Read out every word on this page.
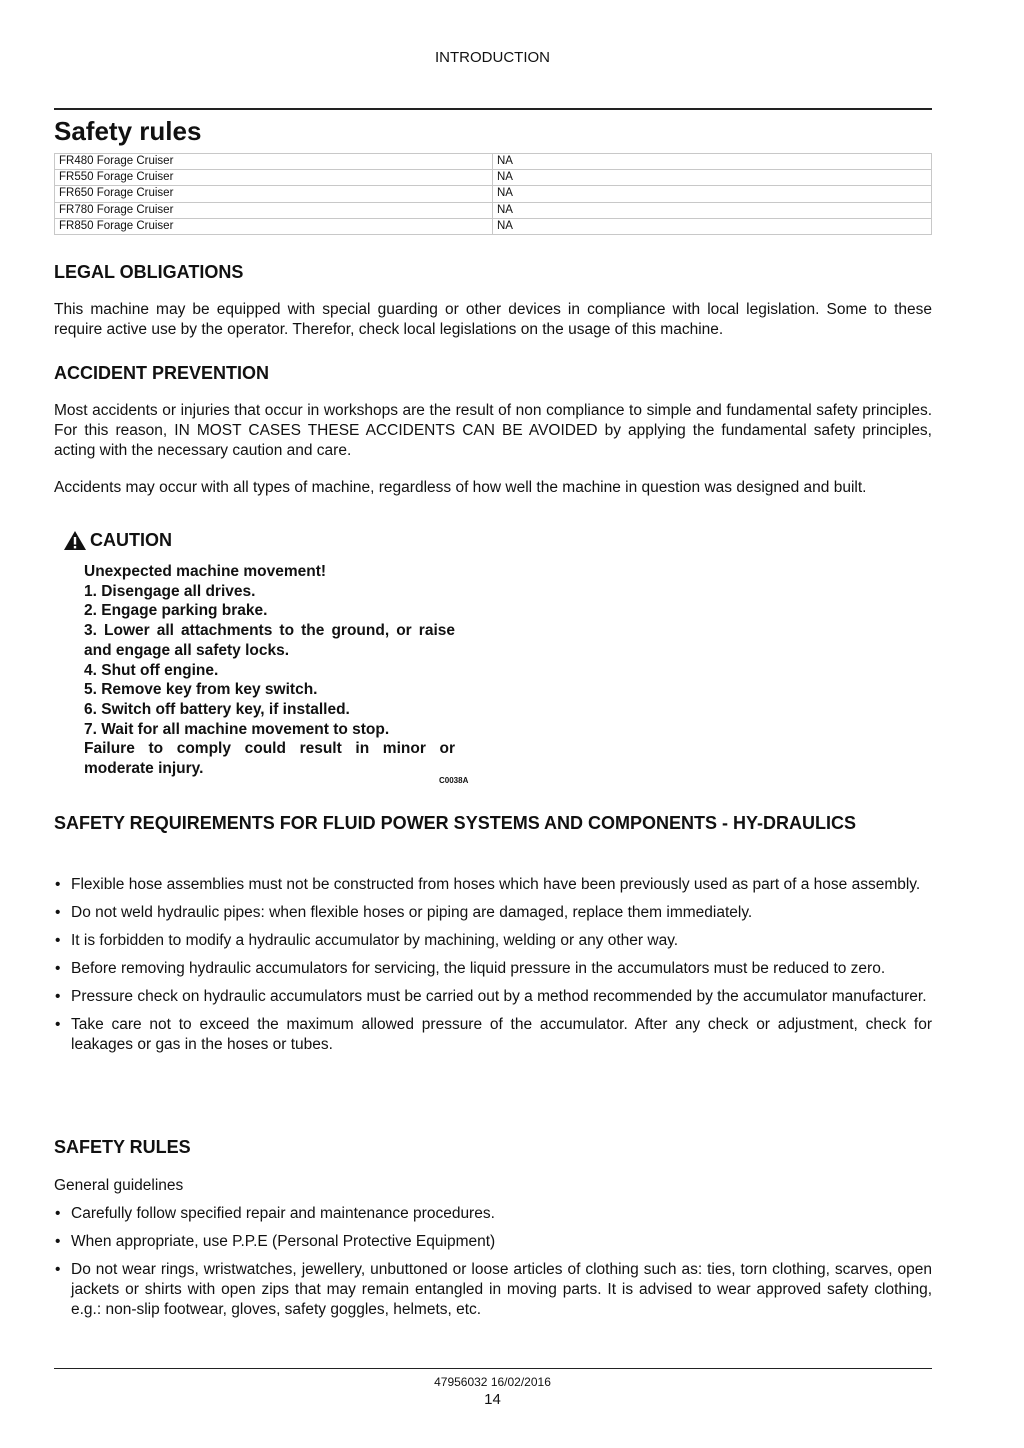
INTRODUCTION
Safety rules
FR480 Forage Cruiser	NA
FR550 Forage Cruiser	NA
FR650 Forage Cruiser	NA
FR780 Forage Cruiser	NA
FR850 Forage Cruiser	NA
LEGAL OBLIGATIONS

This machine may be equipped with special guarding or other devices in compliance with local legislation. Some to these require active use by the operator. Therefor, check local legislations on the usage of this machine.

ACCIDENT PREVENTION

Most accidents or injuries that occur in workshops are the result of non compliance to simple and fundamental safety principles. For this reason, IN MOST CASES THESE ACCIDENTS CAN BE AVOIDED by applying the fundamental safety principles, acting with the necessary caution and care.

Accidents may occur with all types of machine, regardless of how well the machine in question was designed and built.

CAUTION
Unexpected machine movement!
1. Disengage all drives.
2. Engage parking brake.
3. Lower all attachments to the ground, or raise and engage all safety locks.
4. Shut off engine.
5. Remove key from key switch.
6. Switch off battery key, if installed.
7. Wait for all machine movement to stop.
Failure to comply could result in minor or moderate injury.
C0038A
SAFETY REQUIREMENTS FOR FLUID POWER SYSTEMS AND COMPONENTS - HY-DRAULICS
• Flexible hose assemblies must not be constructed from hoses which have been previously used as part of a hose assembly.
• Do not weld hydraulic pipes: when flexible hoses or piping are damaged, replace them immediately.
• It is forbidden to modify a hydraulic accumulator by machining, welding or any other way.
• Before removing hydraulic accumulators for servicing, the liquid pressure in the accumulators must be reduced to zero.
• Pressure check on hydraulic accumulators must be carried out by a method recommended by the accumulator manufacturer.
• Take care not to exceed the maximum allowed pressure of the accumulator. After any check or adjustment, check for leakages or gas in the hoses or tubes.
SAFETY RULES

General guidelines

• Carefully follow specified repair and maintenance procedures.
• When appropriate, use P.P.E (Personal Protective Equipment)
• Do not wear rings, wristwatches, jewellery, unbuttoned or loose articles of clothing such as: ties, torn clothing, scarves, open jackets or shirts with open zips that may remain entangled in moving parts. It is advised to wear approved safety clothing, e.g.: non-slip footwear, gloves, safety goggles, helmets, etc.
47956032 16/02/2016
14
